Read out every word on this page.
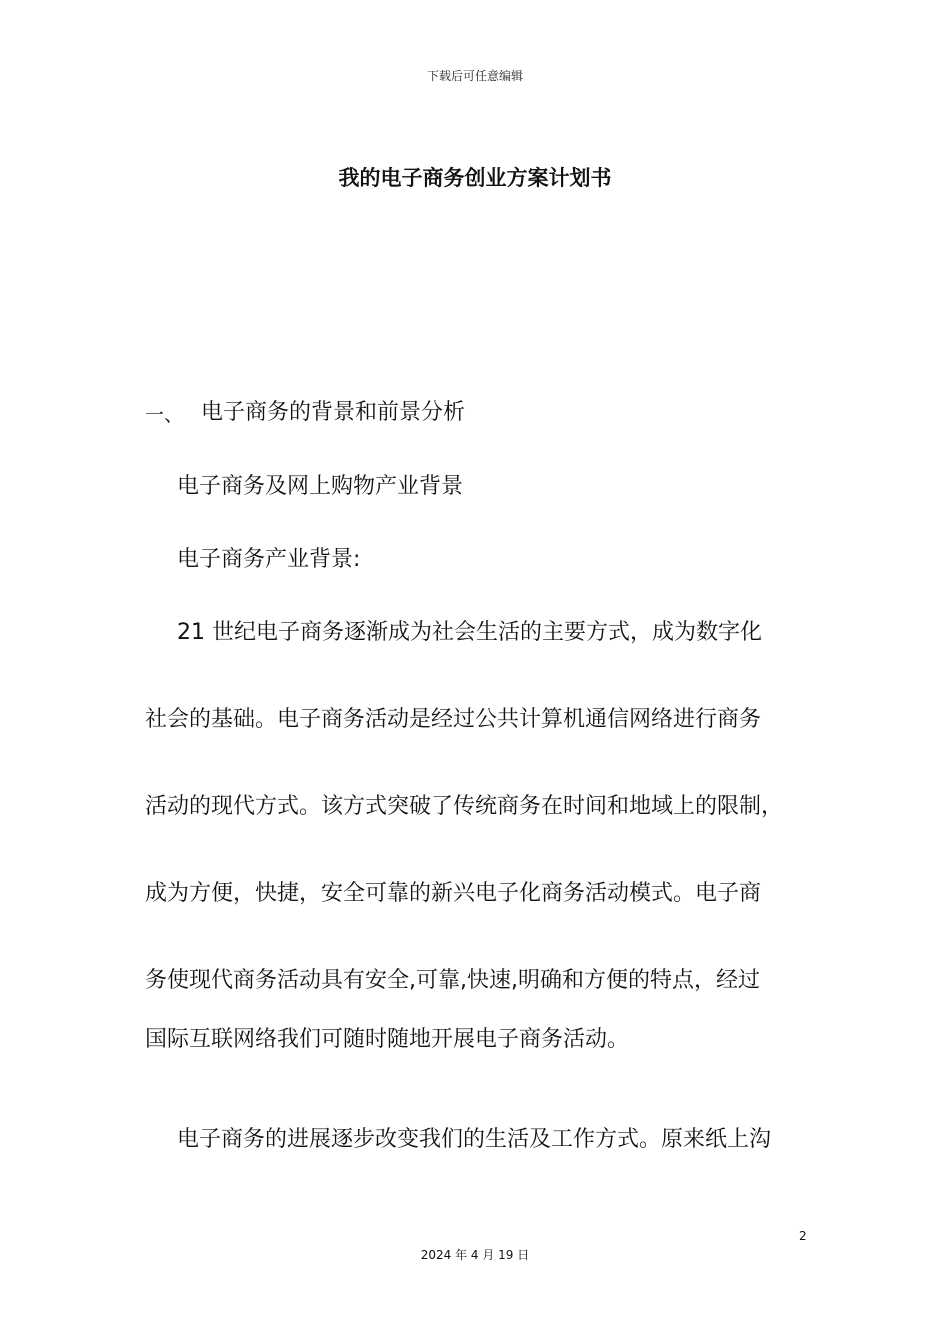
下载后可任意编辑
我的电子商务创业方案计划书
一、 电子商务的背景和前景分析
电子商务及网上购物产业背景
电子商务产业背景:
21 世纪电子商务逐渐成为社会生活的主要方式，成为数字化
社会的基础。电子商务活动是经过公共计算机通信网络进行商务
活动的现代方式。该方式突破了传统商务在时间和地域上的限制，
成为方便，快捷，安全可靠的新兴电子化商务活动模式。电子商
务使现代商务活动具有安全,可靠,快速,明确和方便的特点，经过
国际互联网络我们可随时随地开展电子商务活动。
电子商务的进展逐步改变我们的生活及工作方式。原来纸上沟
2
2024 年 4 月 19 日
